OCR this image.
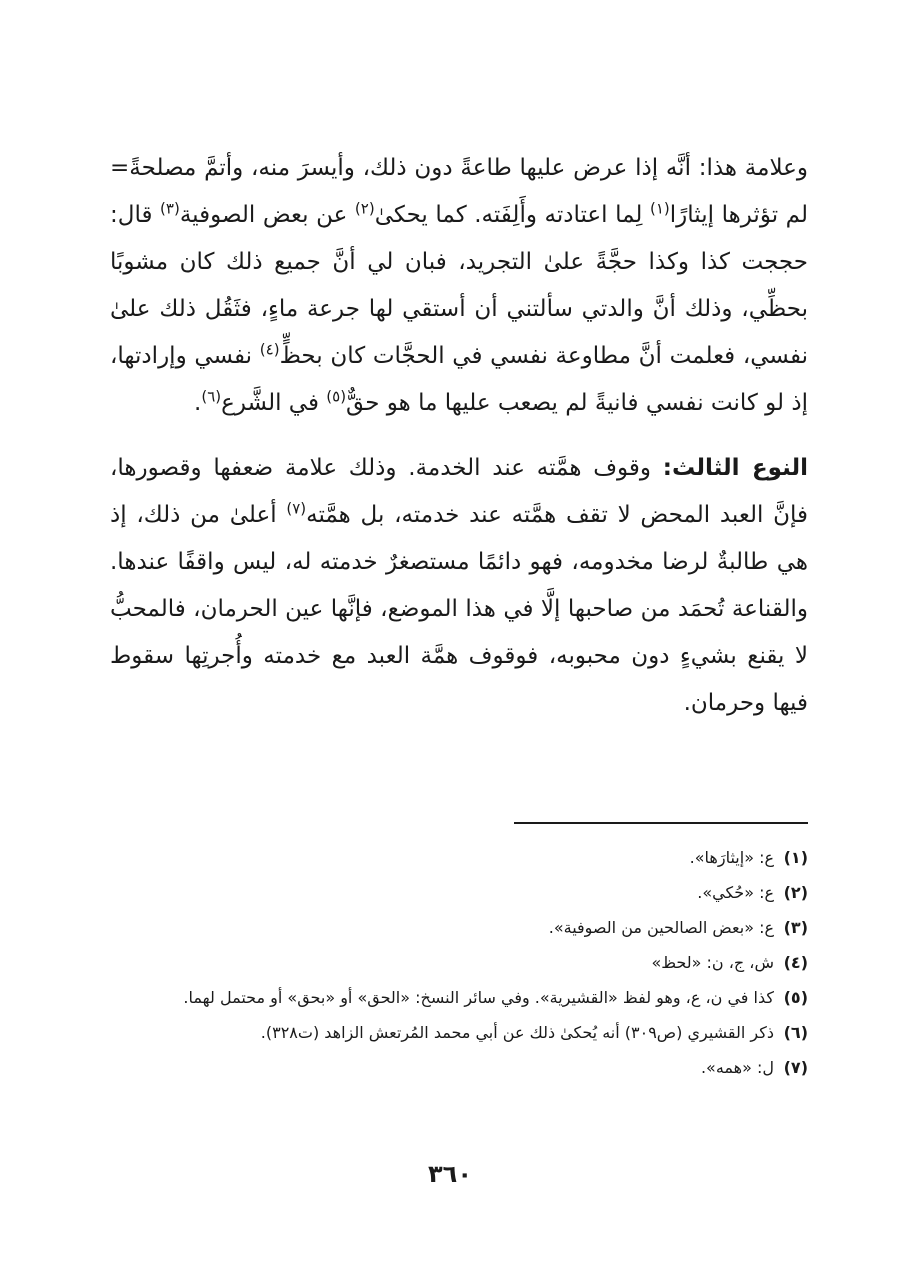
وعلامة هذا: أنَّه إذا عرض عليها طاعةً دون ذلك، وأيسرَ منه، وأتمَّ مصلحةً= لم تؤثرها إيثارًا$^{(١)}$ لِما اعتادته وأَلِفَته. كما يحكىٰ$^{(٢)}$ عن بعض الصوفية$^{(٣)}$ قال: حججت كذا وكذا حجَّةً علىٰ التجريد، فبان لي أنَّ جميع ذلك كان مشوبًا بحظِّي، وذلك أنَّ والدتي سألتني أن أستقي لها جرعة ماءٍ، فثَقُل ذلك علىٰ نفسي، فعلمت أنَّ مطاوعة نفسي في الحجَّات كان بحظٍّ$^{(٤)}$ نفسي وإرادتها، إذ لو كانت نفسي فانيةً لم يصعب عليها ما هو حقٌّ$^{(٥)}$ في الشَّرع$^{(٦)}$.

النوع الثالث: وقوف همَّته عند الخدمة. وذلك علامة ضعفها وقصورها، فإنَّ العبد المحض لا تقف همَّته عند خدمته، بل همَّته$^{(٧)}$ أعلىٰ من ذلك، إذ هي طالبةٌ لرضا مخدومه، فهو دائمًا مستصغرٌ خدمته له، ليس واقفًا عندها. والقناعة تُحمَد من صاحبها إلَّا في هذا الموضع، فإنَّها عين الحرمان، فالمحبُّ لا يقنع بشيءٍ دون محبوبه، فوقوف همَّة العبد مع خدمته وأُجرتِها سقوط فيها وحرمان.

(١)
ع: «إيثارَها».
(٢)
ع: «حُكي».
(٣)
ع: «بعض الصالحين من الصوفية».
(٤)
ش، ج، ن: «لحظ»
(٥)
كذا في ن، ع، وهو لفظ «القشيرية». وفي سائر النسخ: «الحق» أو «بحق» أو محتمل لهما.
(٦)
ذكر القشيري (ص٣٠٩) أنه يُحكىٰ ذلك عن أبي محمد المُرتعش الزاهد (ت٣٢٨).
(٧)
ل: «همه».
٣٦٠
